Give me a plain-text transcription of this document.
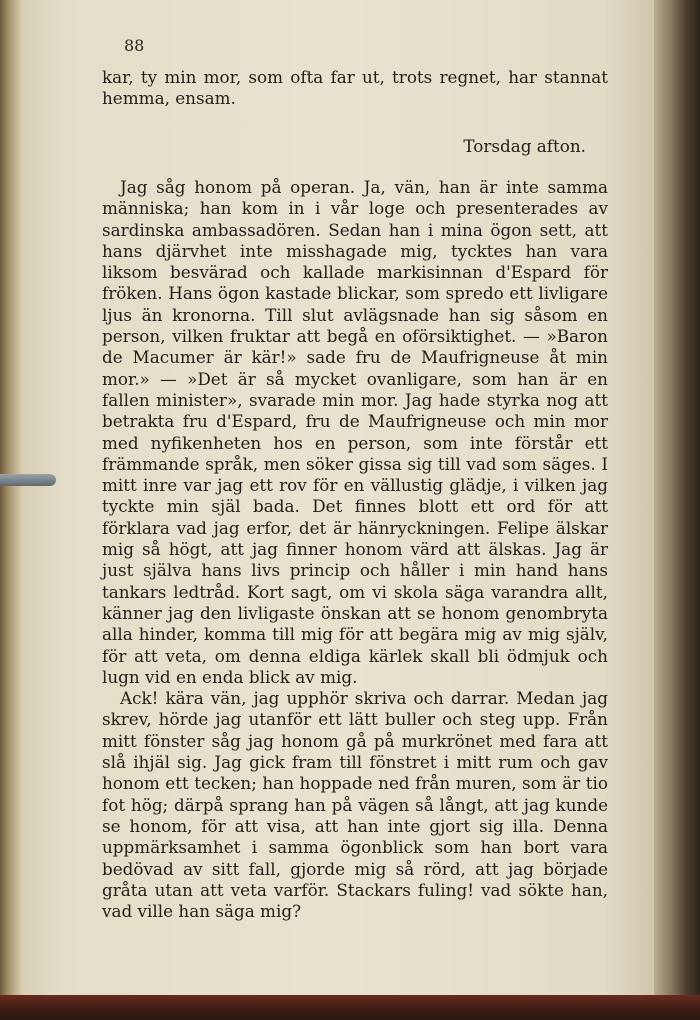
88

kar, ty min mor, som ofta far ut, trots regnet, har stannat hemma, ensam.

Torsdag afton.

Jag såg honom på operan. Ja, vän, han är inte samma människa; han kom in i vår loge och presenterades av sardinska ambassadören. Sedan han i mina ögon sett, att hans djärvhet inte misshagade mig, tycktes han vara liksom besvärad och kallade markisinnan d'Espard för fröken. Hans ögon kastade blickar, som spredo ett livligare ljus än kronorna. Till slut avlägsnade han sig såsom en person, vilken fruktar att begå en oförsiktighet. — »Baron de Macumer är kär!» sade fru de Maufrigneuse åt min mor.» — »Det är så mycket ovanligare, som han är en fallen minister», svarade min mor. Jag hade styrka nog att betrakta fru d'Espard, fru de Maufrigneuse och min mor med nyfikenheten hos en person, som inte förstår ett främmande språk, men söker gissa sig till vad som säges. I mitt inre var jag ett rov för en vällustig glädje, i vilken jag tyckte min själ bada. Det finnes blott ett ord för att förklara vad jag erfor, det är hänryckningen. Felipe älskar mig så högt, att jag finner honom värd att älskas. Jag är just själva hans livs princip och håller i min hand hans tankars ledtråd. Kort sagt, om vi skola säga varandra allt, känner jag den livligaste önskan att se honom genombryta alla hinder, komma till mig för att begära mig av mig själv, för att veta, om denna eldiga kärlek skall bli ödmjuk och lugn vid en enda blick av mig.

Ack! kära vän, jag upphör skriva och darrar. Medan jag skrev, hörde jag utanför ett lätt buller och steg upp. Från mitt fönster såg jag honom gå på murkrönet med fara att slå ihjäl sig. Jag gick fram till fönstret i mitt rum och gav honom ett tecken; han hoppade ned från muren, som är tio fot hög; därpå sprang han på vägen så långt, att jag kunde se honom, för att visa, att han inte gjort sig illa. Denna uppmärksamhet i samma ögonblick som han bort vara bedövad av sitt fall, gjorde mig så rörd, att jag började gråta utan att veta varför. Stackars fuling! vad sökte han, vad ville han säga mig?
